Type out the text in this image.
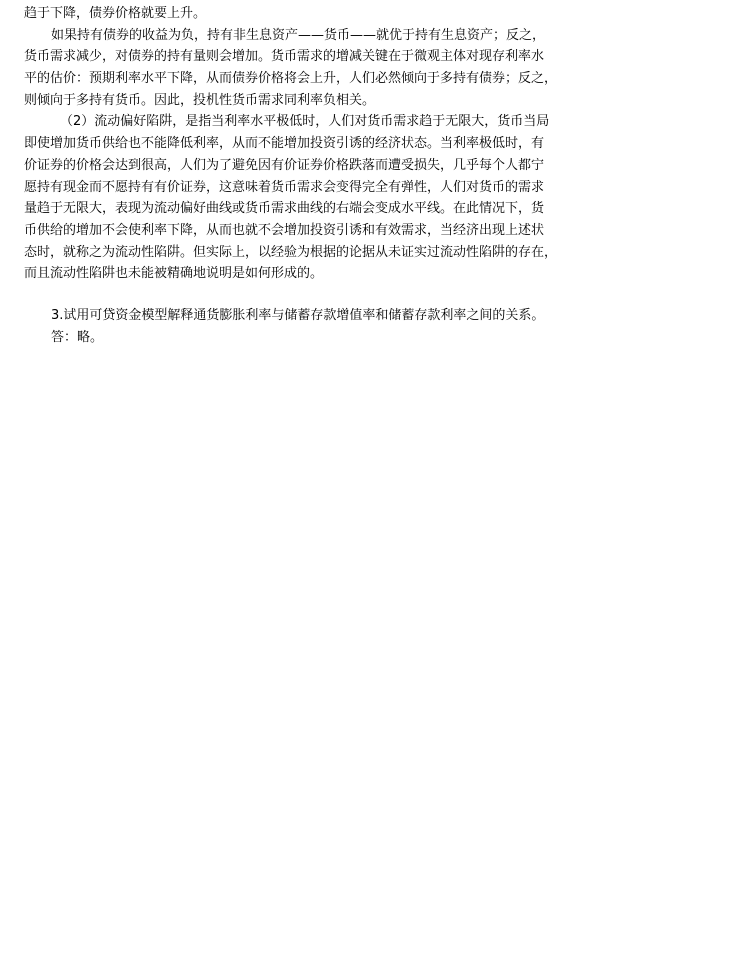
趋于下降，债券价格就要上升。
如果持有债券的收益为负，持有非生息资产——货币——就优于持有生息资产；反之，
货币需求减少，对债券的持有量则会增加。货币需求的增减关键在于微观主体对现存利率水
平的估价：预期利率水平下降，从而债券价格将会上升，人们必然倾向于多持有债券；反之，
则倾向于多持有货币。因此，投机性货币需求同利率负相关。
（2）流动偏好陷阱，是指当利率水平极低时，人们对货币需求趋于无限大，货币当局
即使增加货币供给也不能降低利率，从而不能增加投资引诱的经济状态。当利率极低时，有
价证券的价格会达到很高，人们为了避免因有价证券价格跌落而遭受损失，几乎每个人都宁
愿持有现金而不愿持有有价证券，这意味着货币需求会变得完全有弹性，人们对货币的需求
量趋于无限大，表现为流动偏好曲线或货币需求曲线的右端会变成水平线。在此情况下，货
币供给的增加不会使利率下降，从而也就不会增加投资引诱和有效需求，当经济出现上述状
态时，就称之为流动性陷阱。但实际上，以经验为根据的论据从未证实过流动性陷阱的存在，
而且流动性陷阱也未能被精确地说明是如何形成的。
3.试用可贷资金模型解释通货膨胀利率与储蓄存款增值率和储蓄存款利率之间的关系。
答：略。
